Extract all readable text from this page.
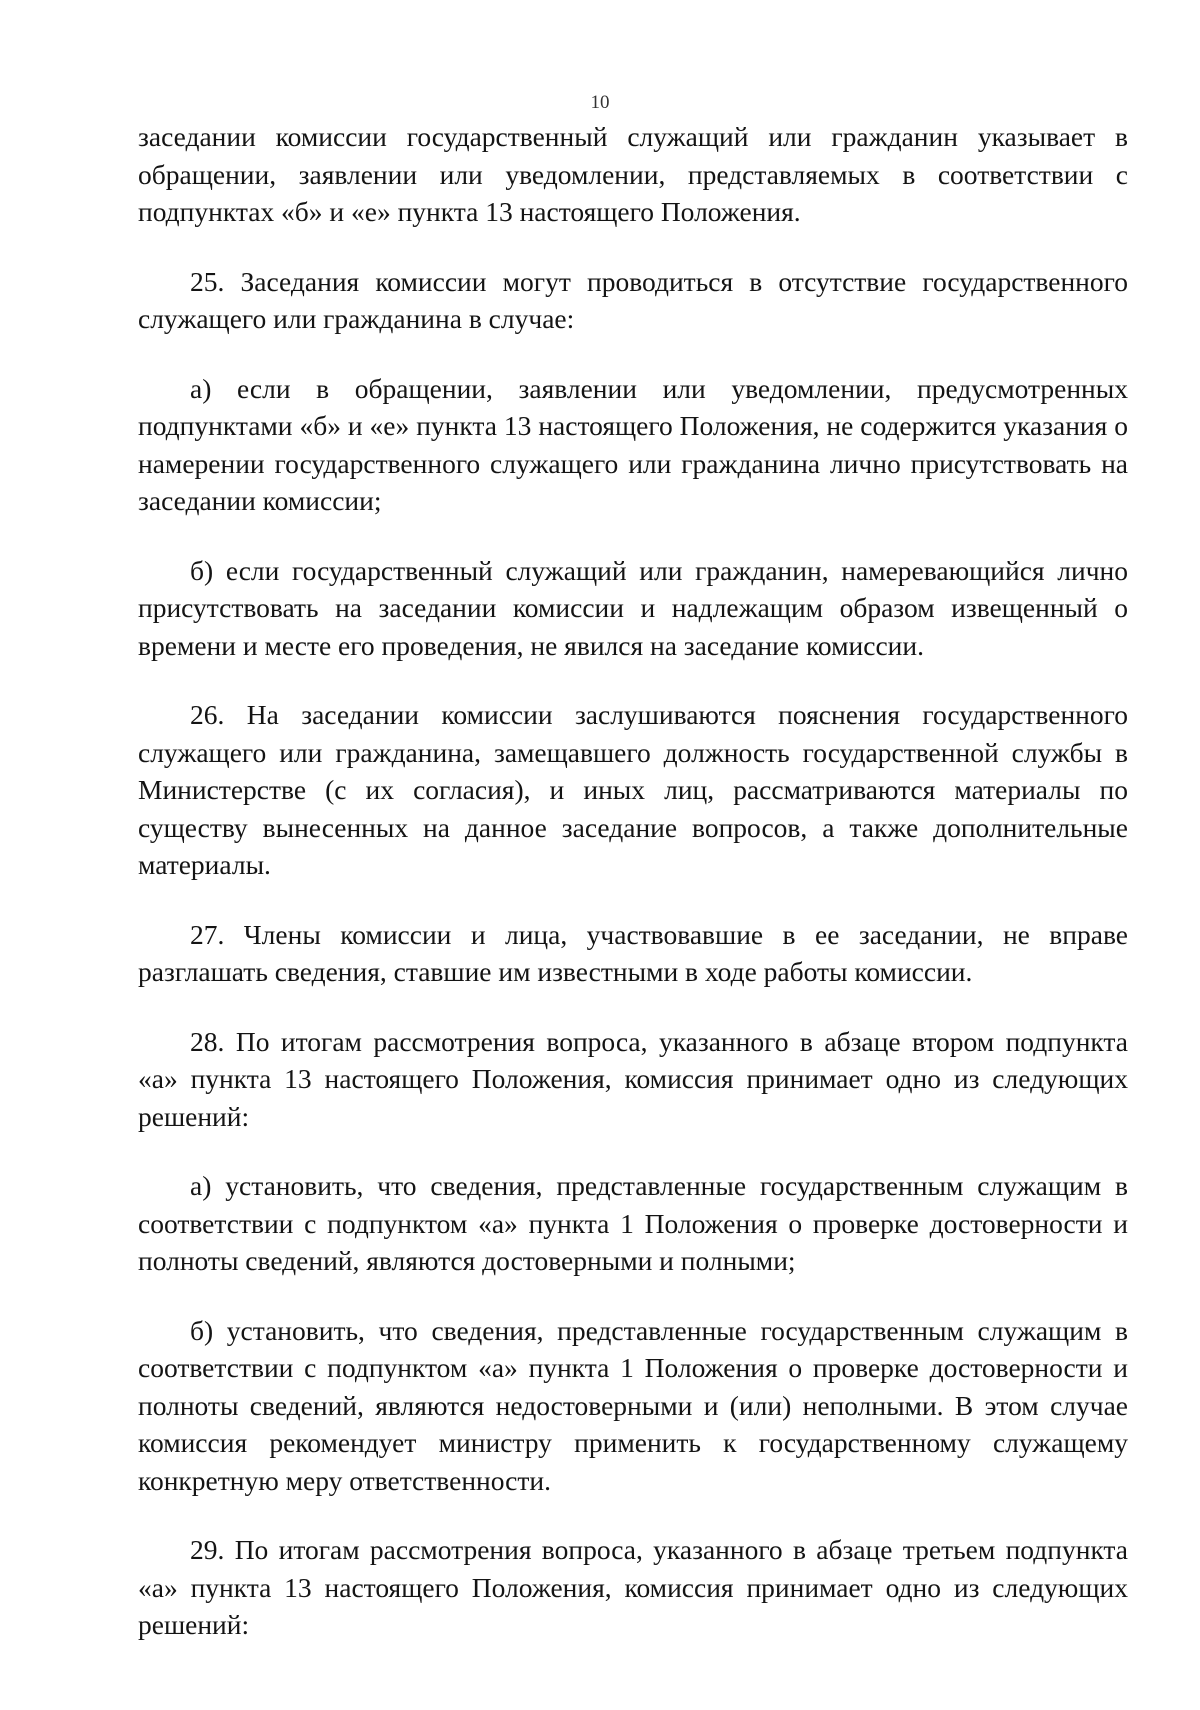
10

заседании комиссии государственный служащий или гражданин указывает в обращении, заявлении или уведомлении, представляемых в соответствии с подпунктах «б» и «е» пункта 13 настоящего Положения.

25. Заседания комиссии могут проводиться в отсутствие государственного служащего или гражданина в случае:

а) если в обращении, заявлении или уведомлении, предусмотренных подпунктами «б» и «е» пункта 13 настоящего Положения, не содержится указания о намерении государственного служащего или гражданина лично присутствовать на заседании комиссии;

б) если государственный служащий или гражданин, намеревающийся лично присутствовать на заседании комиссии и надлежащим образом извещенный о времени и месте его проведения, не явился на заседание комиссии.

26. На заседании комиссии заслушиваются пояснения государственного служащего или гражданина, замещавшего должность государственной службы в Министерстве (с их согласия), и иных лиц, рассматриваются материалы по существу вынесенных на данное заседание вопросов, а также дополнительные материалы.

27. Члены комиссии и лица, участвовавшие в ее заседании, не вправе разглашать сведения, ставшие им известными в ходе работы комиссии.

28. По итогам рассмотрения вопроса, указанного в абзаце втором подпункта «а» пункта 13 настоящего Положения, комиссия принимает одно из следующих решений:

а) установить, что сведения, представленные государственным служащим в соответствии с подпунктом «а» пункта 1 Положения о проверке достоверности и полноты сведений, являются достоверными и полными;

б) установить, что сведения, представленные государственным служащим в соответствии с подпунктом «а» пункта 1 Положения о проверке достоверности и полноты сведений, являются недостоверными и (или) неполными. В этом случае комиссия рекомендует министру применить к государственному служащему конкретную меру ответственности.

29. По итогам рассмотрения вопроса, указанного в абзаце третьем подпункта «а» пункта 13 настоящего Положения, комиссия принимает одно из следующих решений:
